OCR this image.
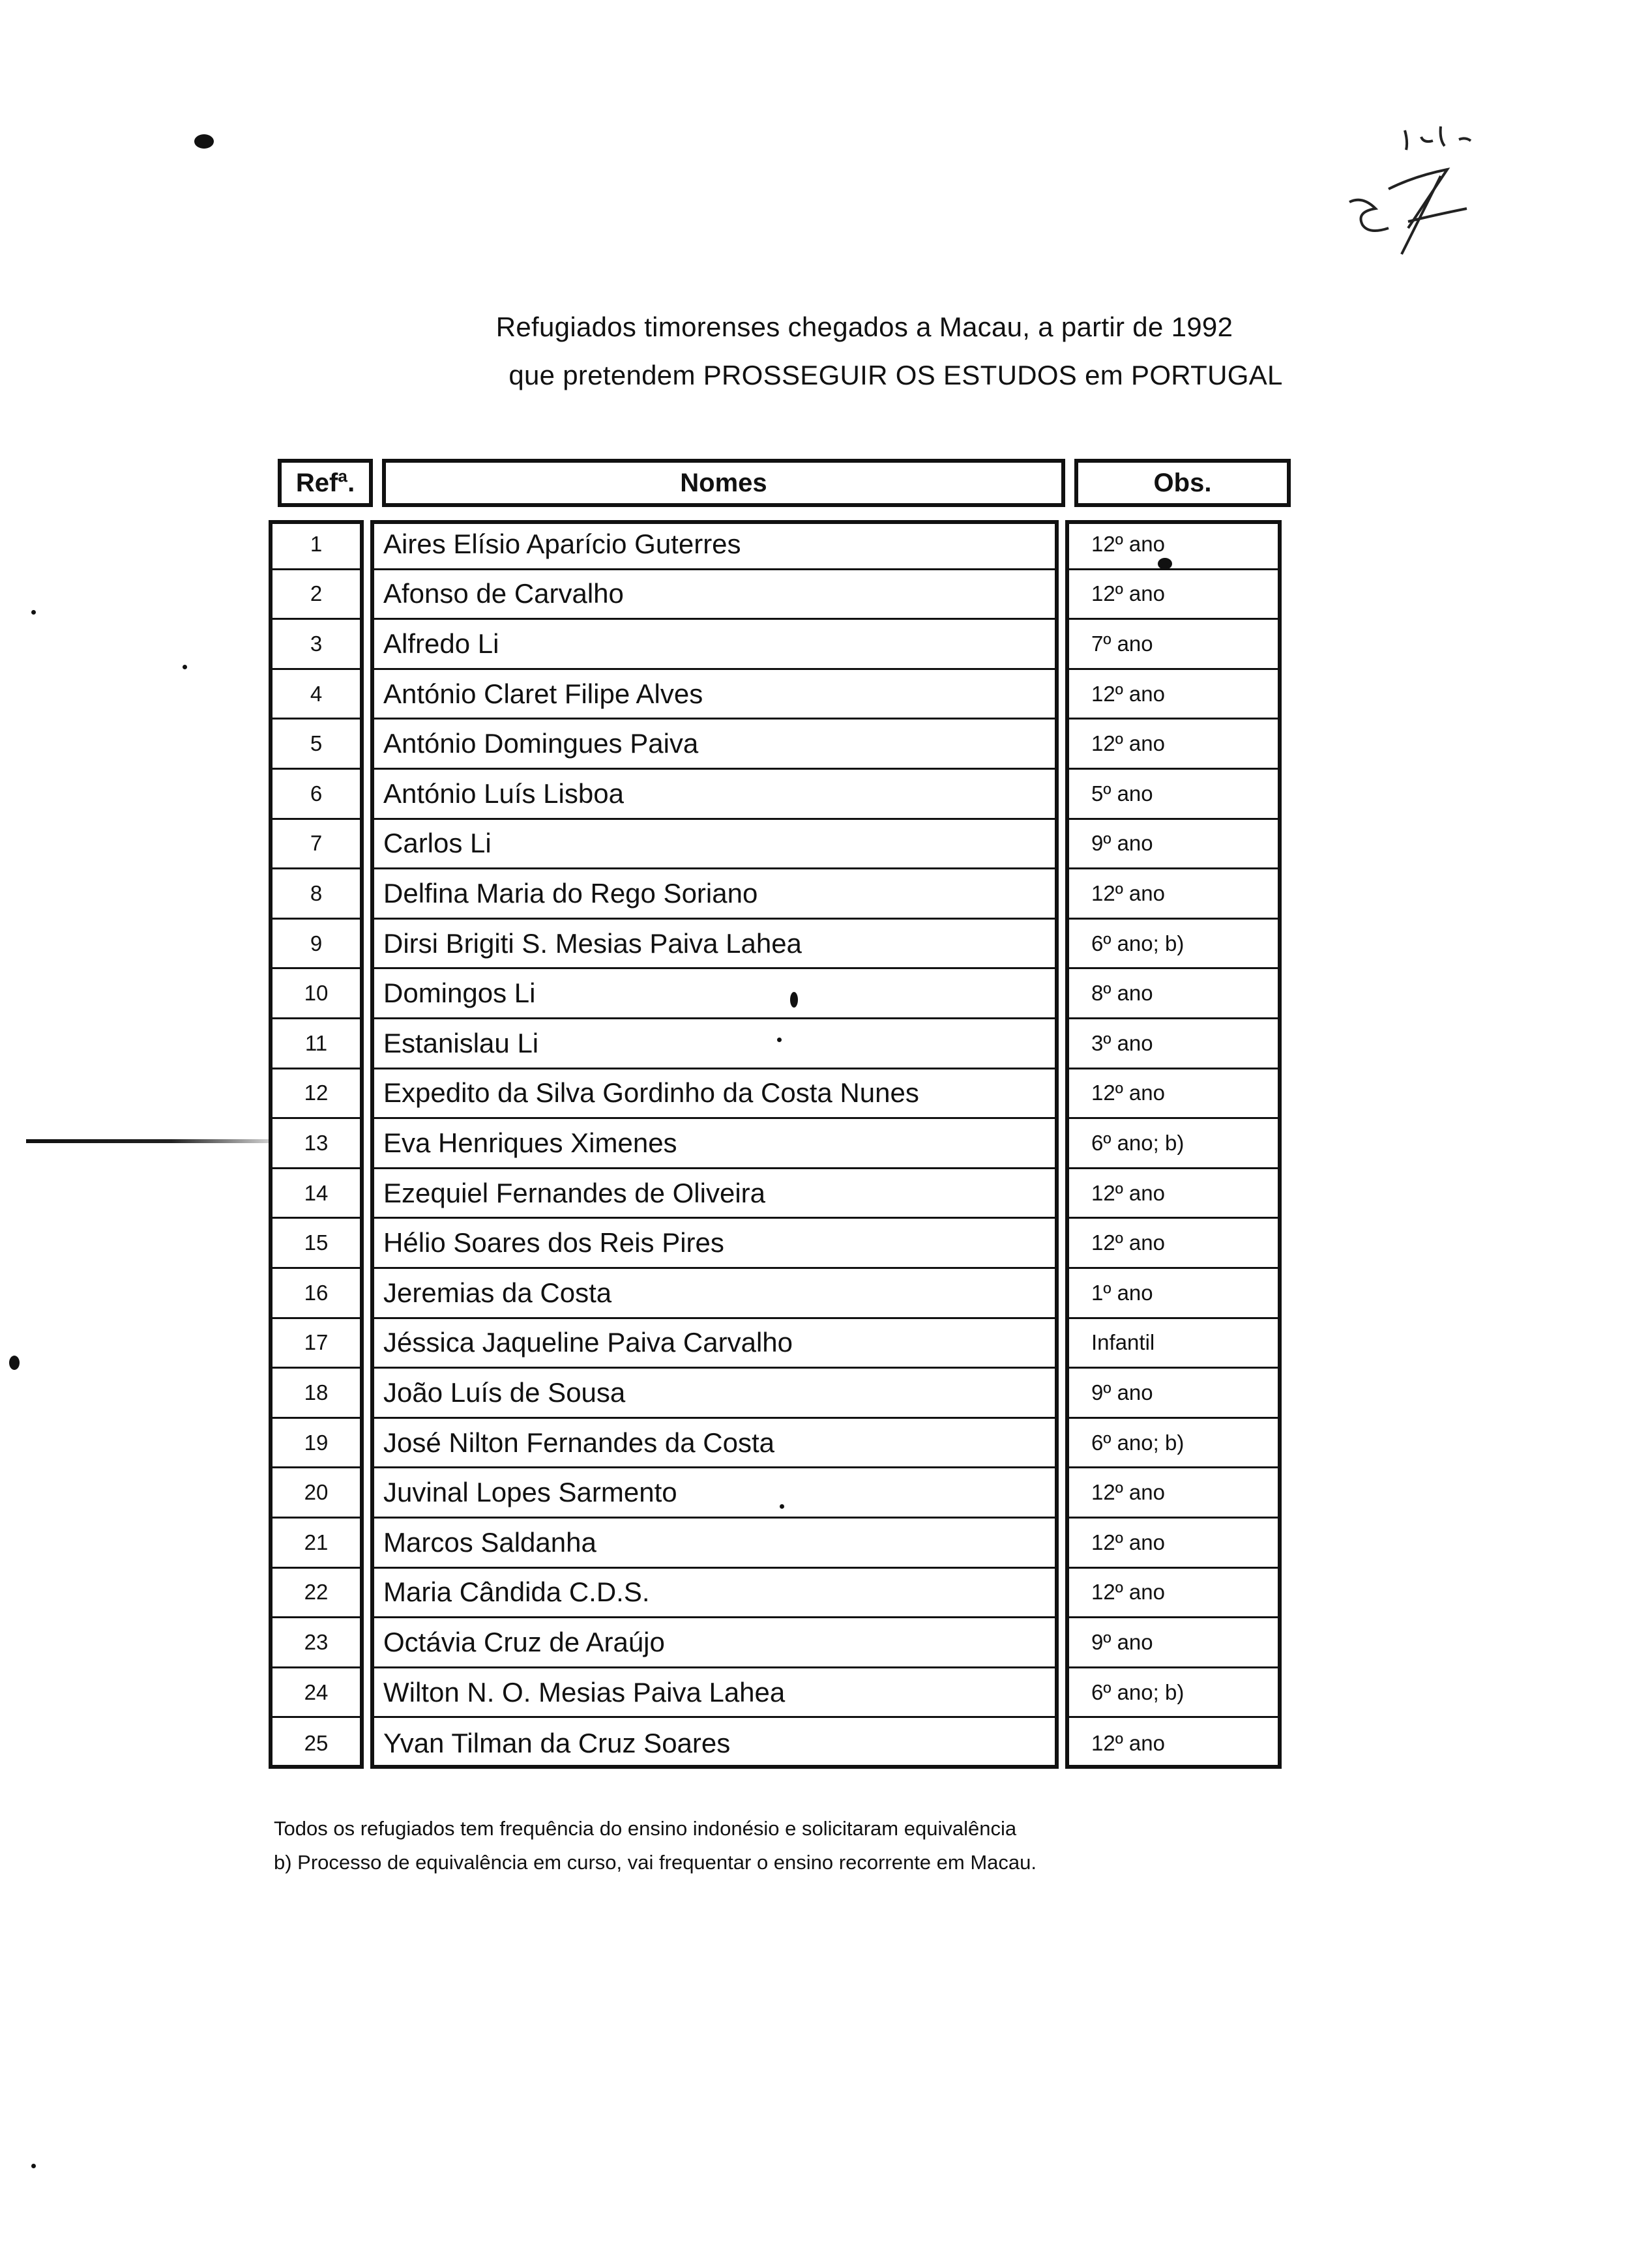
Refugiados timorenses chegados a Macau, a partir de 1992
que pretendem PROSSEGUIR OS ESTUDOS em PORTUGAL
Refª.	Nomes	Obs.
1	Aires Elísio Aparício Guterres	12º ano
2	Afonso de Carvalho	12º ano
3	Alfredo Li	7º ano
4	António Claret Filipe Alves	12º ano
5	António Domingues Paiva	12º ano
6	António Luís Lisboa	5º ano
7	Carlos Li	9º ano
8	Delfina Maria do Rego Soriano	12º ano
9	Dirsi Brigiti S. Mesias Paiva Lahea	6º ano; b)
10	Domingos Li	8º ano
11	Estanislau Li	3º ano
12	Expedito da Silva Gordinho da Costa Nunes	12º ano
13	Eva Henriques Ximenes	6º ano; b)
14	Ezequiel Fernandes de Oliveira	12º ano
15	Hélio Soares dos Reis Pires	12º ano
16	Jeremias da Costa	1º ano
17	Jéssica Jaqueline Paiva Carvalho	Infantil
18	João Luís de Sousa	9º ano
19	José Nilton Fernandes da Costa	6º ano; b)
20	Juvinal Lopes Sarmento	12º ano
21	Marcos Saldanha	12º ano
22	Maria Cândida C.D.S.	12º ano
23	Octávia Cruz de Araújo	9º ano
24	Wilton N. O. Mesias Paiva Lahea	6º ano; b)
25	Yvan Tilman da Cruz Soares	12º ano
Todos os refugiados tem frequência do ensino indonésio e solicitaram equivalência
b) Processo de equivalência em curso, vai frequentar o ensino recorrente em Macau.
